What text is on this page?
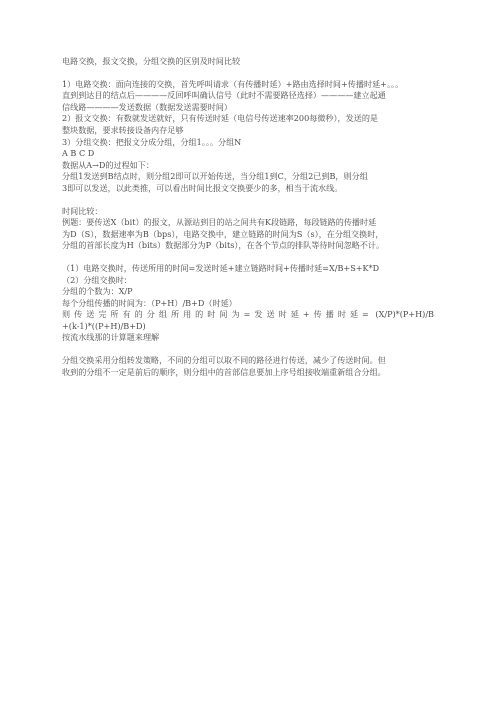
电路交换，报文交换，分组交换的区别及时间比较
1）电路交换：面向连接的交换，首先呼叫请求（有传播时延）+路由选择时间+传播时延+。。。
直到到达目的结点后————反回呼叫确认信号（此时不需要路径选择）————建立起通
信线路————发送数据（数据发送需要时间）
2）报文交换：有数就发送就好，只有传送时延（电信号传送速率200每微秒），发送的是
整块数据，要求转接设备内存足够
3）分组交换：把报文分成分组，分组1。。。分组N
A B C D
数据从A→D的过程如下：
分组1发送到B结点时，则分组2即可以开始传送，当分组1到C，分组2已到B，则分组
3即可以发送，以此类推，可以看出时间比报文交换要少的多，相当于流水线。
时间比较：
例题：要传送X（bit）的报文，从源站到目的站之间共有K段链路，每段链路的传播时延
为D（S），数据速率为B（bps），电路交换中，建立链路的时间为S（s），在分组交换时，
分组的首部长度为H（bits）数据部分为P（bits），在各个节点的排队等待时间忽略不计。
（1）电路交换时，传送所用的时间=发送时延+建立链路时间+传播时延=X/B+S+K*D
（2）分组交换时：
分组的个数为：X/P
每个分组传播的时间为：（P+H）/B+D（时延）
则传送完所有的分组所用的时间为=发送时延+传播时延= (X/P)*(P+H)/B
+(k-1)*((P+H)/B+D)
按流水线那的计算题来理解
分组交换采用分组转发策略，不同的分组可以取不同的路径进行传送，减少了传送时间。但
收到的分组不一定是前后的顺序，则分组中的首部信息要加上序号组接收端重新组合分组。
